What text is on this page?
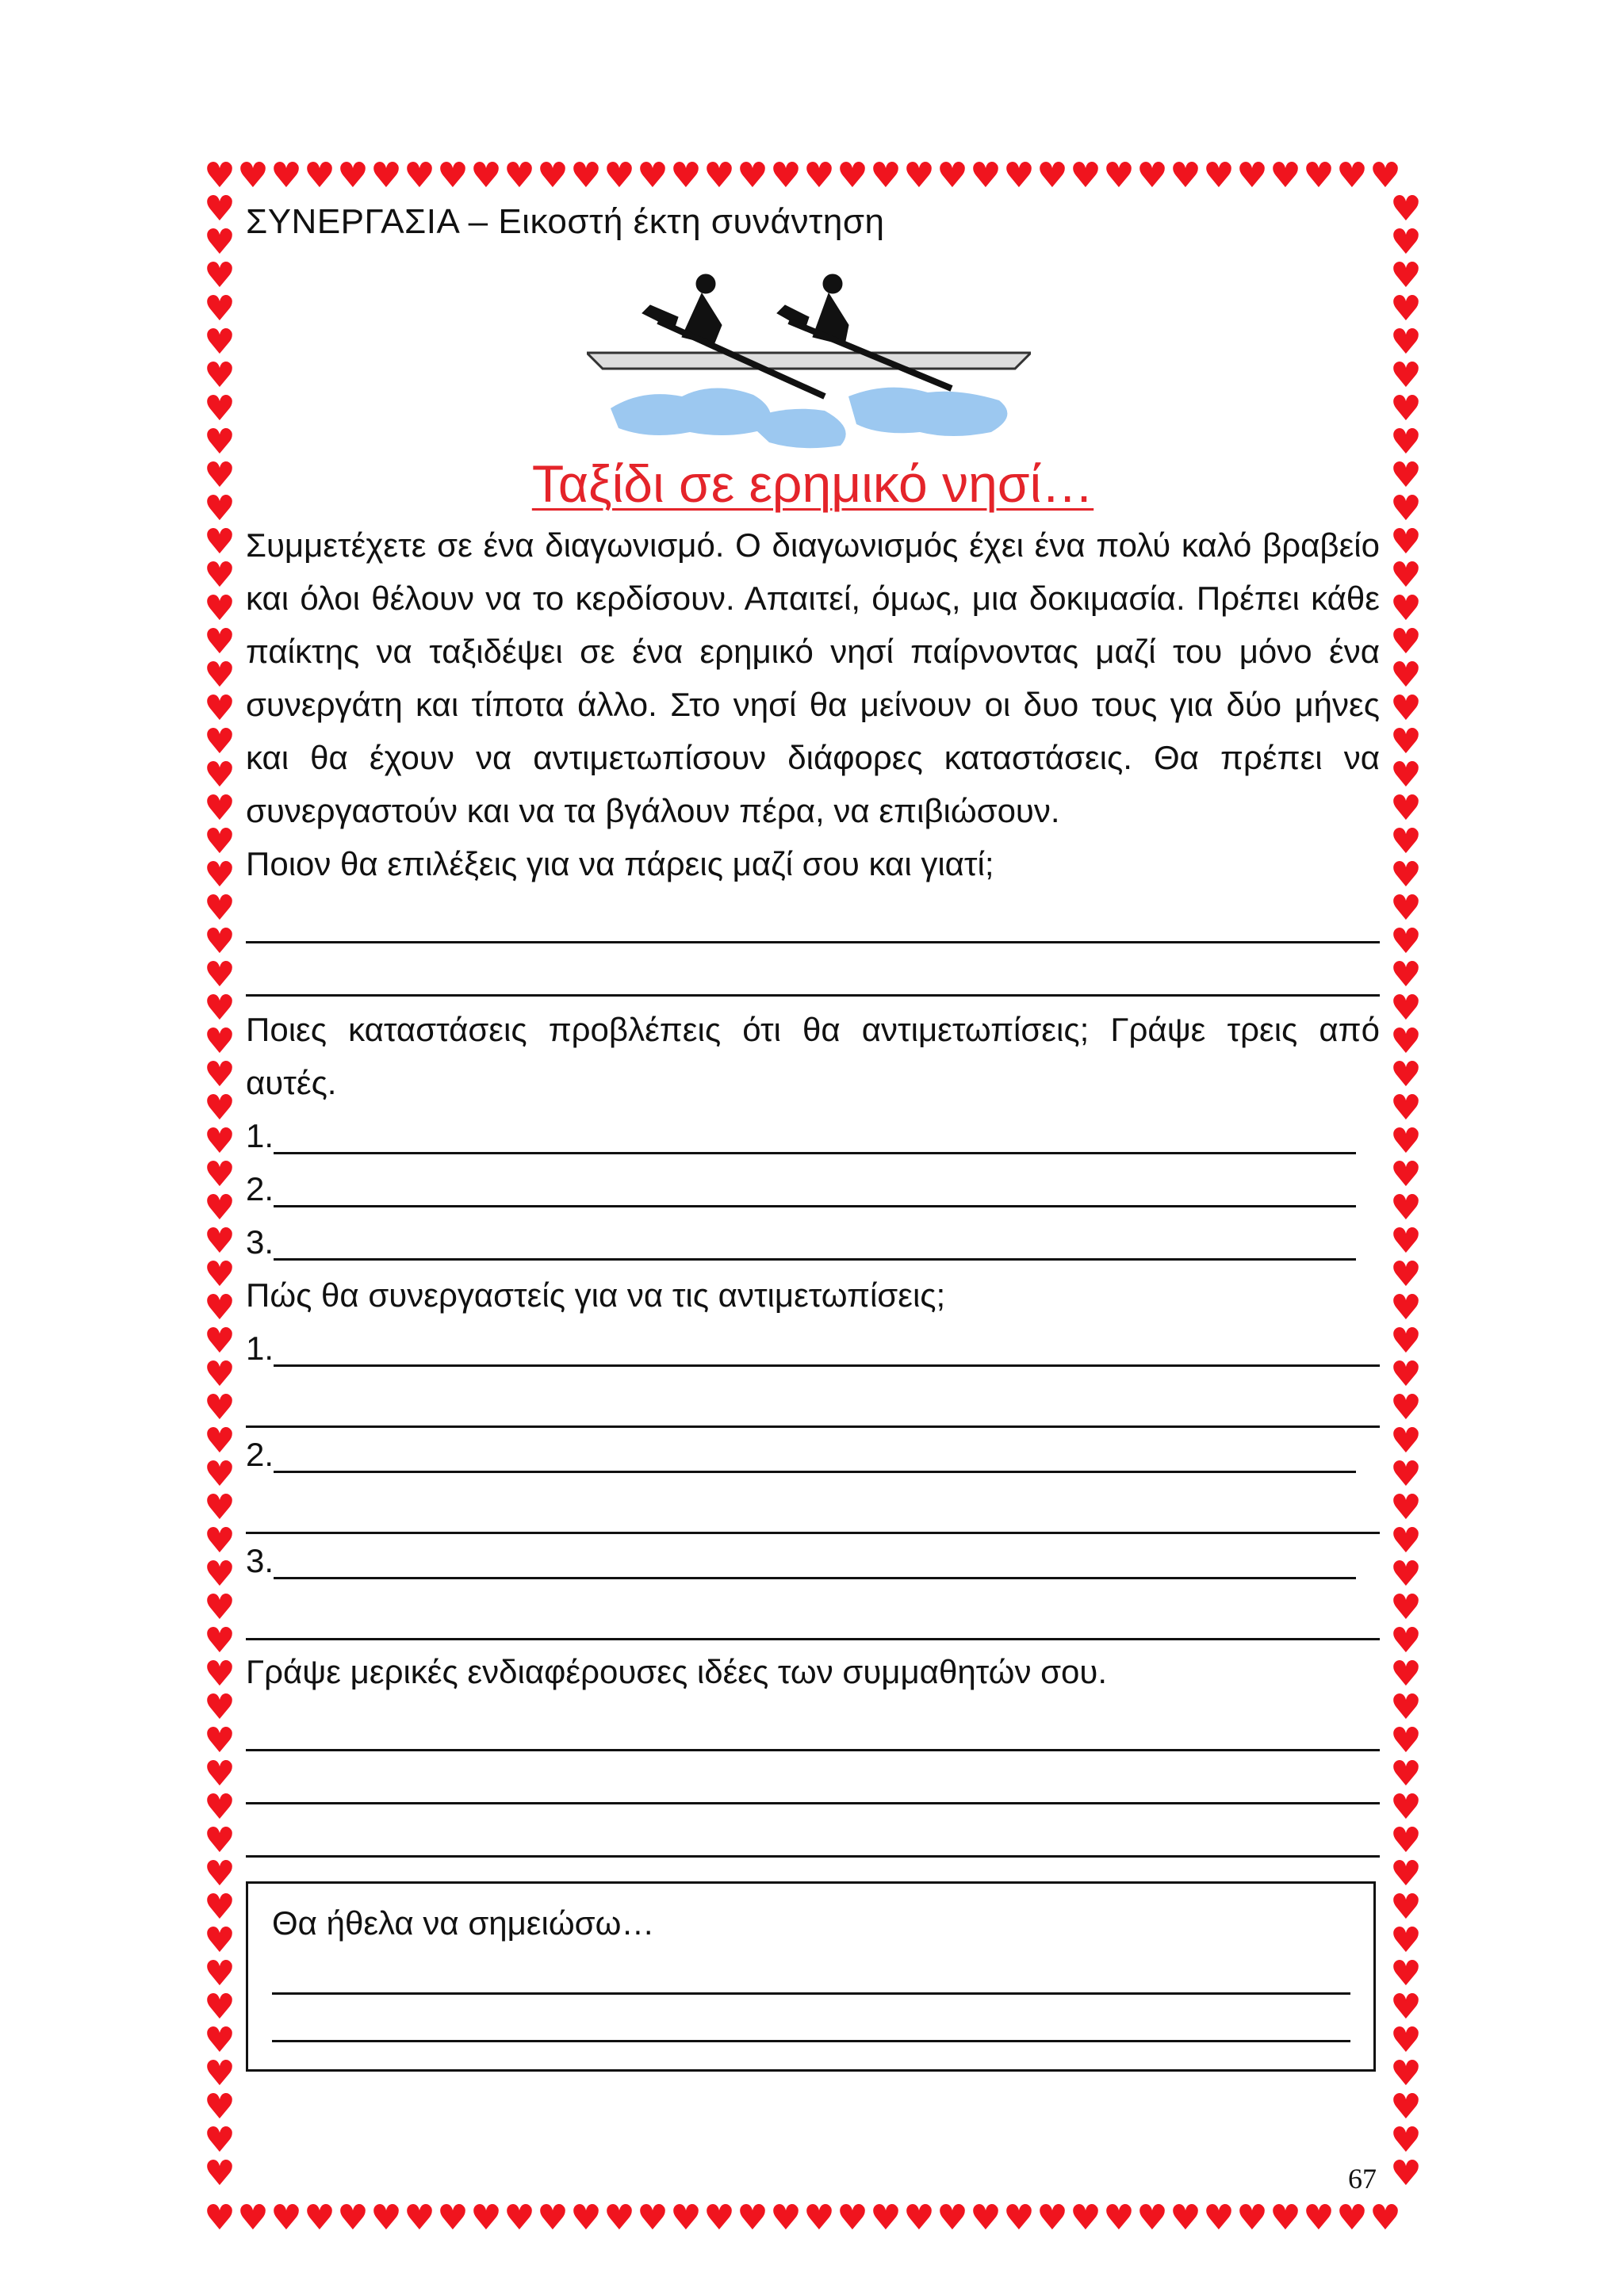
♥
♥
♥
♥
♥
♥
♥
♥
♥
♥
♥
♥
♥
♥
♥
♥
♥
♥
♥
♥
♥
♥
♥
♥
♥
♥
♥
♥
♥
♥
♥
♥
♥
♥
♥
♥
♥
♥
♥
♥
♥
♥
♥
♥
♥
♥
♥
♥
♥
♥
♥
♥
♥
♥
♥
♥
♥
♥
♥
♥
♥
♥
♥
♥
♥
♥
♥
♥
♥
♥
♥
♥
♥	♥
♥	♥
♥	♥
♥	♥
♥	♥
♥	♥
♥	♥
♥	♥
♥	♥
♥	♥
♥	♥
♥	♥
♥	♥
♥	♥
♥	♥
♥	♥
♥	♥
♥	♥
♥	♥
♥	♥
♥	♥
♥	♥
♥	♥
♥	♥
♥	♥
♥	♥
♥	♥
♥	♥
♥	♥
♥	♥
♥	♥
♥	♥
♥	♥
♥	♥
♥	♥
♥	♥
♥	♥
♥	♥
♥	♥
♥	♥
♥	♥
♥	♥
♥	♥
♥	♥
♥	♥
♥	♥
♥	♥
♥	♥
♥	♥
♥	♥
♥	♥
♥	♥
♥	♥
♥	♥
♥	♥
♥	♥
♥	♥
♥	♥
♥	♥
♥	♥
ΣΥΝΕΡΓΑΣΙΑ – Εικοστή έκτη συνάντηση
Ταξίδι σε ερημικό νησί…

Συμμετέχετε σε ένα διαγωνισμό. Ο διαγωνισμός έχει ένα πολύ καλό βραβείο και όλοι θέλουν να το κερδίσουν. Απαιτεί, όμως, μια δοκιμασία. Πρέπει κάθε παίκτης να ταξιδέψει σε ένα ερημικό νησί παίρνοντας μαζί του μόνο ένα συνεργάτη και τίποτα άλλο. Στο νησί θα μείνουν οι δυο τους για δύο μήνες και θα έχουν να αντιμετωπίσουν διάφορες καταστάσεις. Θα πρέπει να συνεργαστούν και να τα βγάλουν πέρα, να επιβιώσουν.

Ποιον θα επιλέξεις για να πάρεις μαζί σου και γιατί;

Ποιες καταστάσεις προβλέπεις ότι θα αντιμετωπίσεις; Γράψε τρεις από αυτές.

1.
2.
3.

Πώς θα συνεργαστείς για να τις αντιμετωπίσεις;

1.
2.
3.

Γράψε μερικές ενδιαφέρουσες ιδέες των συμμαθητών σου.

Θα ήθελα να σημειώσω…
67
